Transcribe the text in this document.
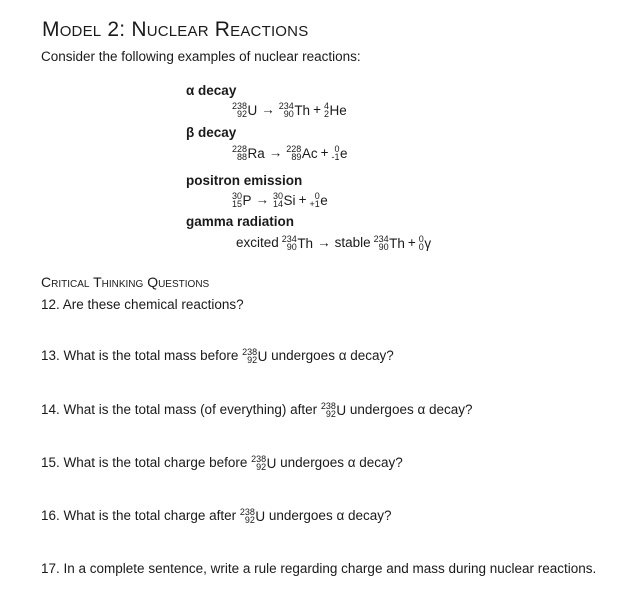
Model 2: Nuclear Reactions
Consider the following examples of nuclear reactions:
α decay
β decay
positron emission
gamma radiation
238
92 U → 234
90 Th + 4
2 He
228
88 Ra → 228
89 Ac + 0
-1 e
30
15 P → 30
14 Si + 0
+1 e
excited 234
90 Th → stable 234
90 Th + 0
0 γ
Critical Thinking Questions
12. Are these chemical reactions?
13. What is the total mass before 238
92 U undergoes α decay?
14. What is the total mass (of everything) after 238
92 U undergoes α decay?
15. What is the total charge before 238
92 U undergoes α decay?
16. What is the total charge after 238
92 U undergoes α decay?
17. In a complete sentence, write a rule regarding charge and mass during nuclear reactions.
